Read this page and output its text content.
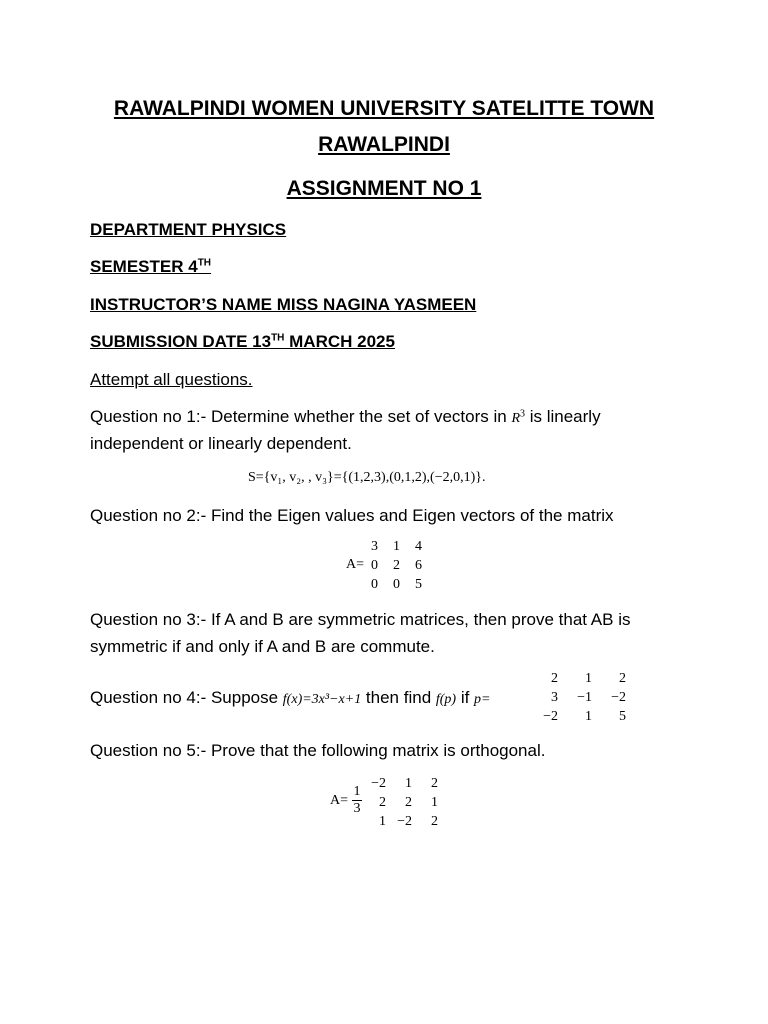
RAWALPINDI WOMEN UNIVERSITY SATELITTE TOWN
RAWALPINDI
ASSIGNMENT NO 1
DEPARTMENT PHYSICS
SEMESTER 4TH
INSTRUCTOR’S NAME MISS NAGINA YASMEEN
SUBMISSION DATE 13TH MARCH 2025
Attempt all questions.
Question no 1:- Determine whether the set of vectors in $R^3$ is linearly
independent or linearly dependent.
S={v₁, v₂, , v₃}={(1,2,3),(0,1,2),(−2,0,1)}.
Question no 2:- Find the Eigen values and Eigen vectors of the matrix
A=
3 1 4
0 2 6
0 0 5
Question no 3:- If A and B are symmetric matrices, then prove that AB is
symmetric if and only if A and B are commute.
Question no 4:- Suppose f(x)=3x³−x+1 then find f(p) if p=
2 1 2
3 −1 −2
−2 1 5
Question no 5:- Prove that the following matrix is orthogonal.
A=
1
3
−2 1 2
2 2 1
1 −2 2
